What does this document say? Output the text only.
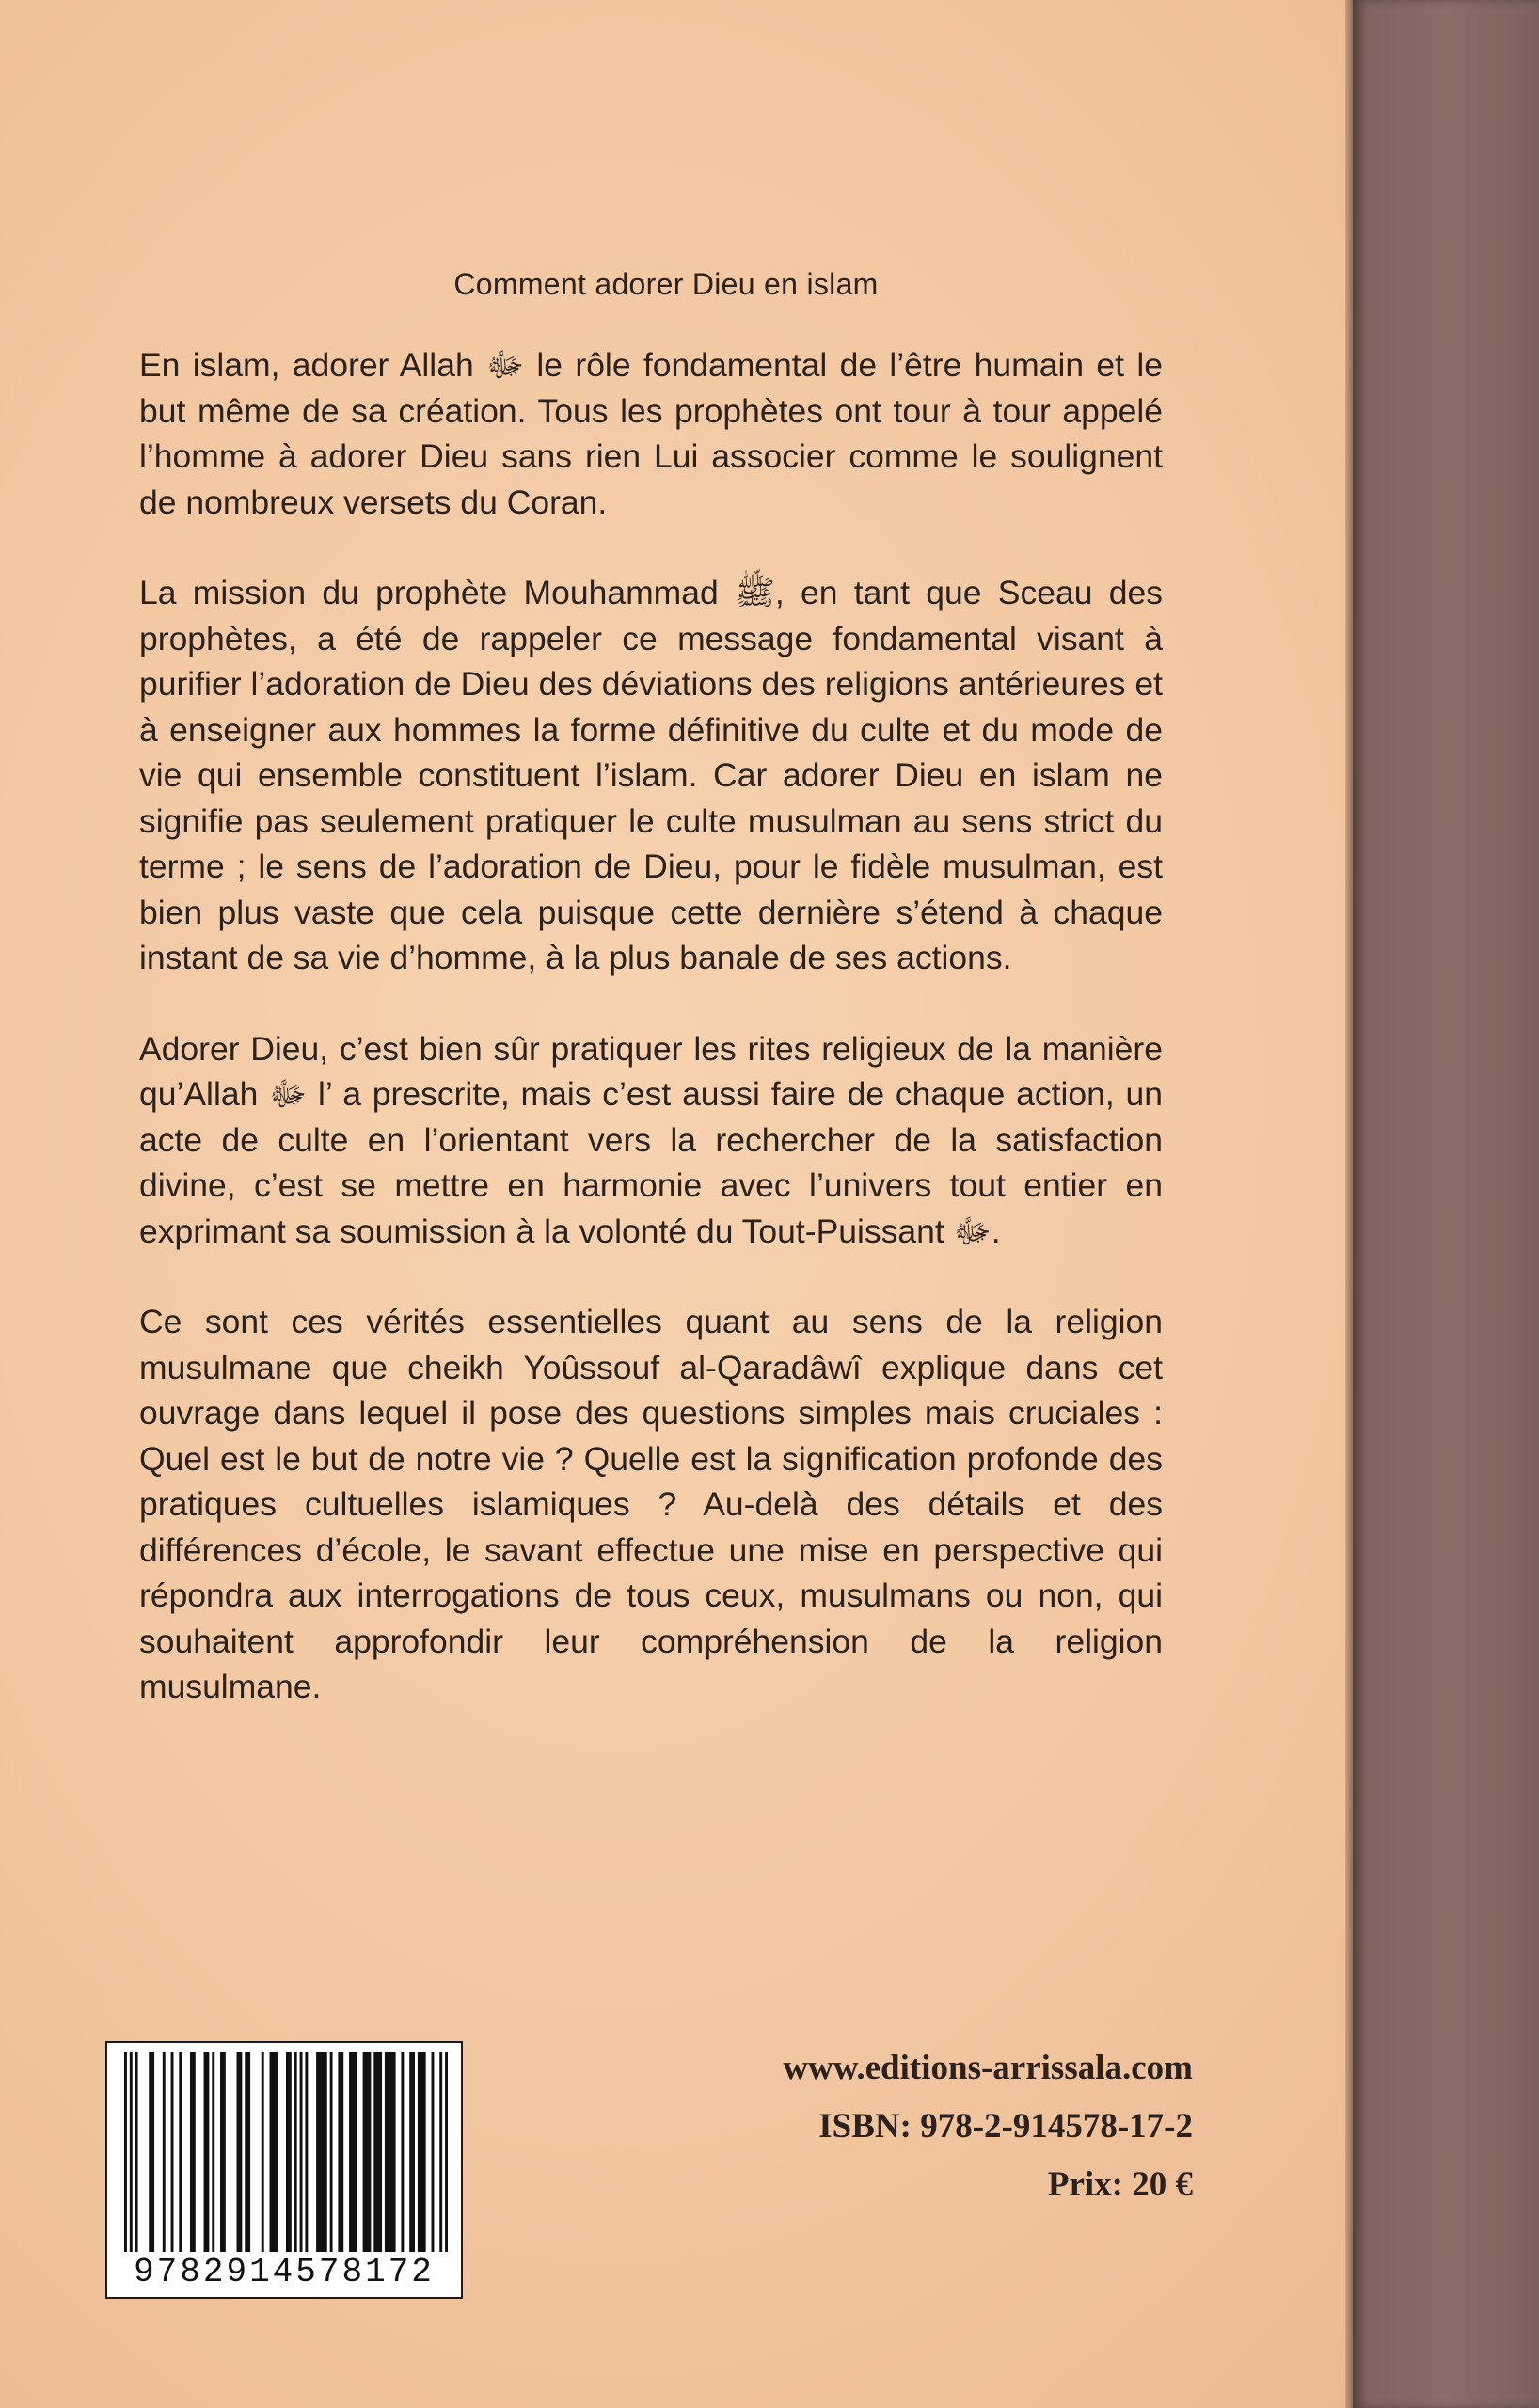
Comment adorer Dieu en islam

En islam, adorer Allah ﷻ le rôle fondamental de l’être humain et le but même de sa création. Tous les prophètes ont tour à tour appelé l’homme à adorer Dieu sans rien Lui associer comme le soulignent de nombreux versets du Coran.

La mission du prophète Mouhammad ﷺ, en tant que Sceau des prophètes, a été de rappeler ce message fondamental visant à purifier l’adoration de Dieu des déviations des religions antérieures et à enseigner aux hommes la forme définitive du culte et du mode de vie qui ensemble constituent l’islam. Car adorer Dieu en islam ne signifie pas seulement pratiquer le culte musulman au sens strict du terme ; le sens de l’adoration de Dieu, pour le fidèle musulman, est bien plus vaste que cela puisque cette dernière s’étend à chaque instant de sa vie d’homme, à la plus banale de ses actions.

Adorer Dieu, c’est bien sûr pratiquer les rites religieux de la manière qu’Allah ﷻ l’ a prescrite, mais c’est aussi faire de chaque action, un acte de culte en l’orientant vers la rechercher de la satisfaction divine, c’est se mettre en harmonie avec l’univers tout entier en exprimant sa soumission à la volonté du Tout-Puissant ﷻ.

Ce sont ces vérités essentielles quant au sens de la religion musulmane que cheikh Yoûssouf al-Qaradâwî explique dans cet ouvrage dans lequel il pose des questions simples mais cruciales : Quel est le but de notre vie ? Quelle est la signification profonde des pratiques cultuelles islamiques ? Au-delà des détails et des différences d’école, le savant effectue une mise en perspective qui répondra aux interrogations de tous ceux, musulmans ou non, qui souhaitent approfondir leur compréhension de la religion musulmane.

9782914578172
www.editions-arrissala.com
ISBN: 978-2-914578-17-2
Prix: 20 €
